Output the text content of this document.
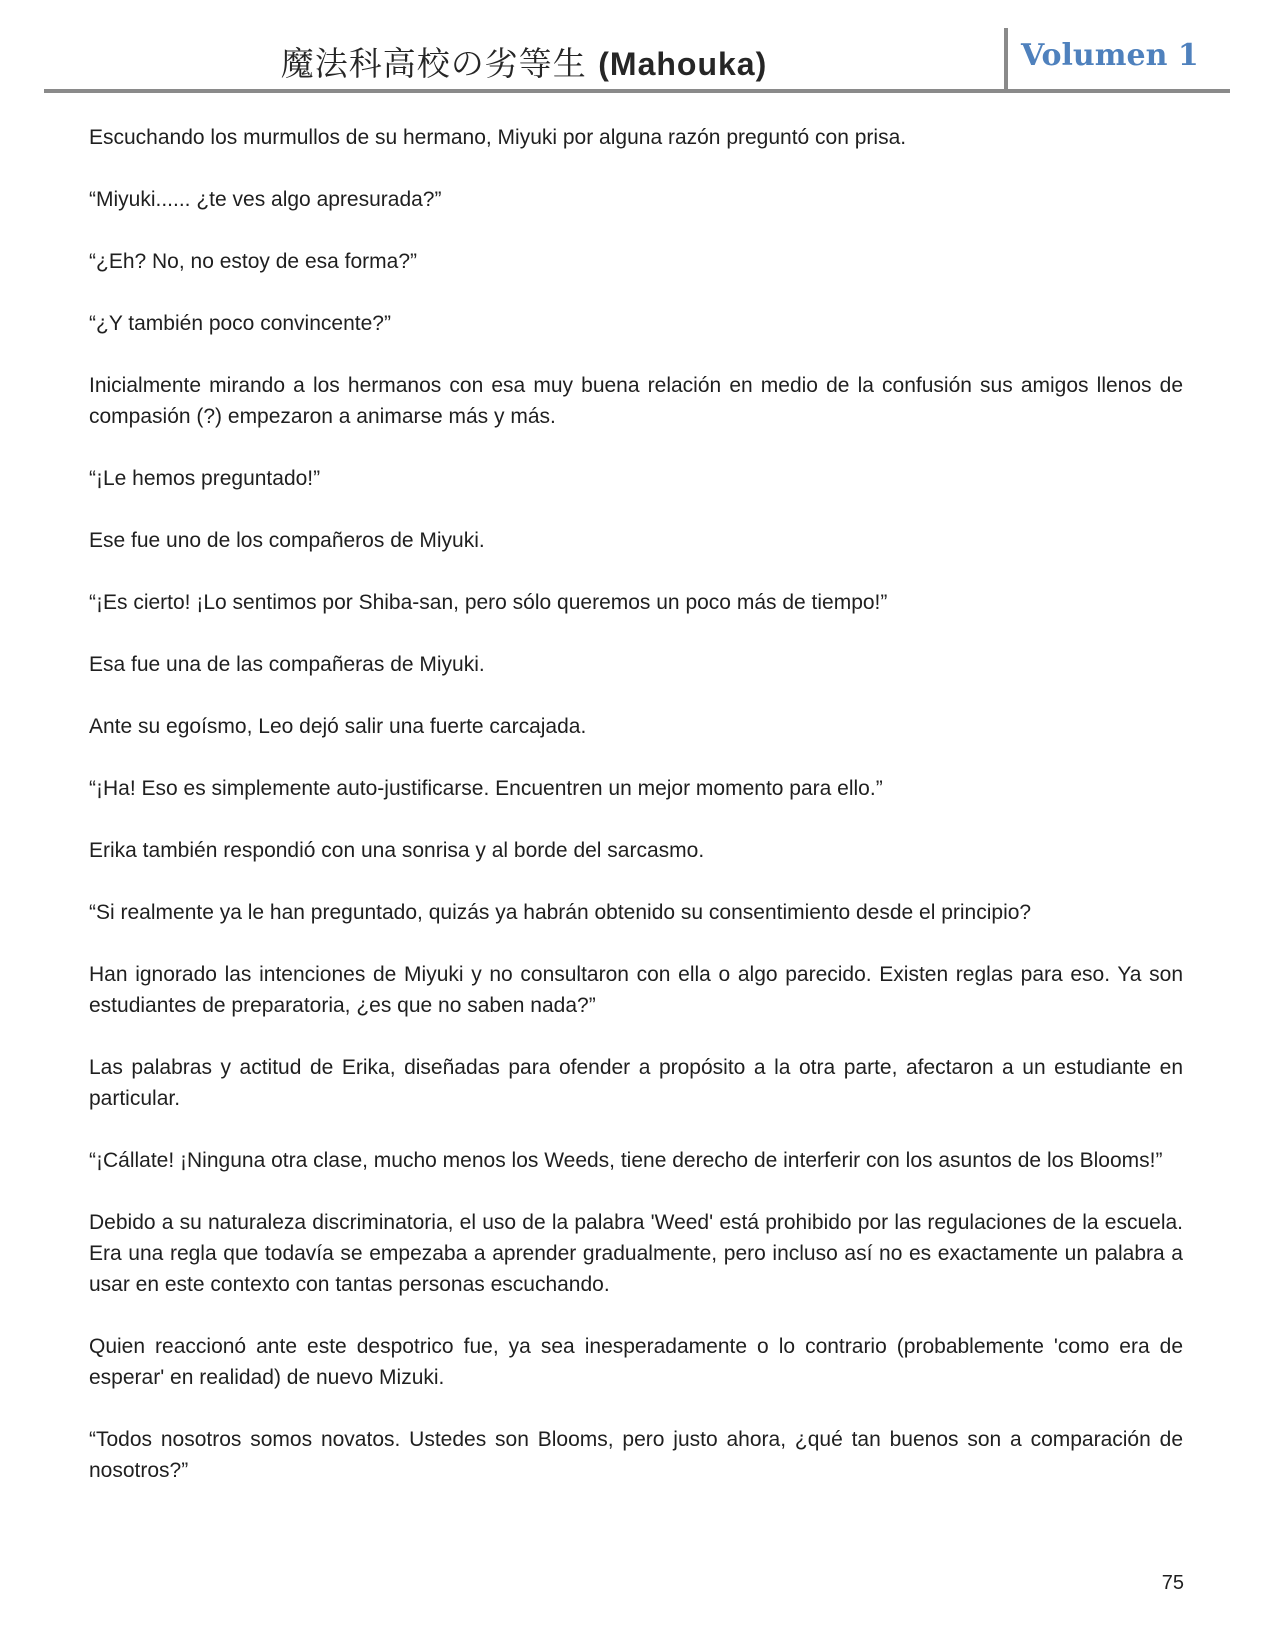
魔法科高校の劣等生 (Mahouka)	Volumen 1

Escuchando los murmullos de su hermano, Miyuki por alguna razón preguntó con prisa.

“Miyuki...... ¿te ves algo apresurada?”

“¿Eh? No, no estoy de esa forma?”

“¿Y también poco convincente?”

Inicialmente mirando a los hermanos con esa muy buena relación en medio de la confusión sus amigos llenos de compasión (?) empezaron a animarse más y más.

“¡Le hemos preguntado!”

Ese fue uno de los compañeros de Miyuki.

“¡Es cierto! ¡Lo sentimos por Shiba-san, pero sólo queremos un poco más de tiempo!”

Esa fue una de las compañeras de Miyuki.

Ante su egoísmo, Leo dejó salir una fuerte carcajada.

“¡Ha! Eso es simplemente auto-justificarse. Encuentren un mejor momento para ello.”

Erika también respondió con una sonrisa y al borde del sarcasmo.

“Si realmente ya le han preguntado, quizás ya habrán obtenido su consentimiento desde el principio?

Han ignorado las intenciones de Miyuki y no consultaron con ella o algo parecido. Existen reglas para eso. Ya son estudiantes de preparatoria, ¿es que no saben nada?”

Las palabras y actitud de Erika, diseñadas para ofender a propósito a la otra parte, afectaron a un estudiante en particular.

“¡Cállate! ¡Ninguna otra clase, mucho menos los Weeds, tiene derecho de interferir con los asuntos de los Blooms!”

Debido a su naturaleza discriminatoria, el uso de la palabra 'Weed' está prohibido por las regulaciones de la escuela. Era una regla que todavía se empezaba a aprender gradualmente, pero incluso así no es exactamente un palabra a usar en este contexto con tantas personas escuchando.

Quien reaccionó ante este despotrico fue, ya sea inesperadamente o lo contrario (probablemente 'como era de esperar' en realidad) de nuevo Mizuki.

“Todos nosotros somos novatos. Ustedes son Blooms, pero justo ahora, ¿qué tan buenos son a comparación de nosotros?”

75
